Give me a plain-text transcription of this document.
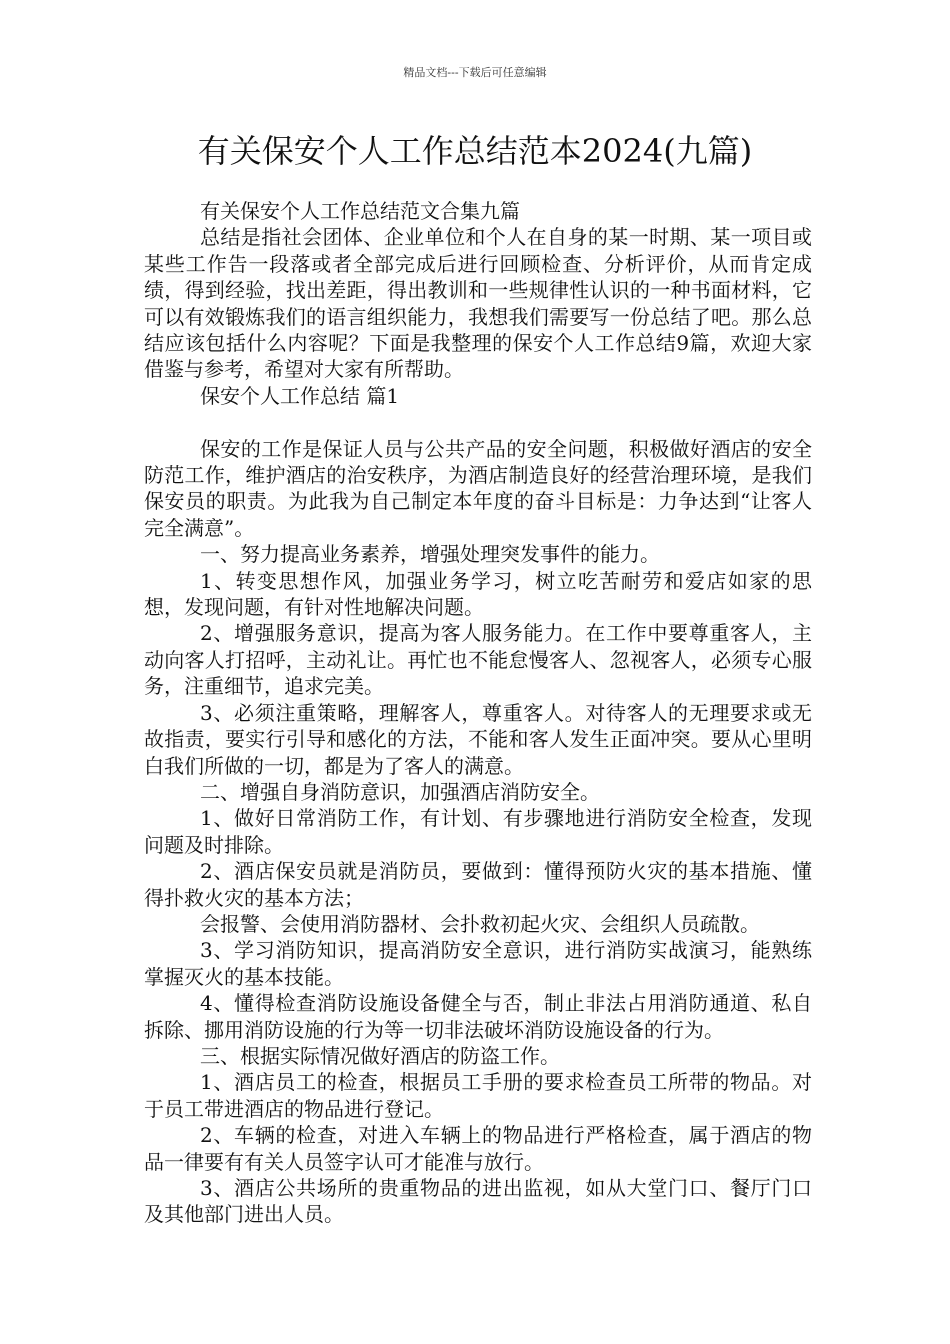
精品文档---下载后可任意编辑
有关保安个人工作总结范本2024(九篇)

有关保安个人工作总结范文合集九篇

总结是指社会团体、企业单位和个人在自身的某一时期、某一项目或某些工作告一段落或者全部完成后进行回顾检查、分析评价，从而肯定成绩，得到经验，找出差距，得出教训和一些规律性认识的一种书面材料，它可以有效锻炼我们的语言组织能力，我想我们需要写一份总结了吧。那么总结应该包括什么内容呢？下面是我整理的保安个人工作总结9篇，欢迎大家借鉴与参考，希望对大家有所帮助。

保安个人工作总结 篇1

保安的工作是保证人员与公共产品的安全问题，积极做好酒店的安全防范工作，维护酒店的治安秩序，为酒店制造良好的经营治理环境，是我们保安员的职责。为此我为自己制定本年度的奋斗目标是：力争达到“让客人完全满意”。

一、努力提高业务素养，增强处理突发事件的能力。

1、转变思想作风，加强业务学习，树立吃苦耐劳和爱店如家的思想，发现问题，有针对性地解决问题。

2、增强服务意识，提高为客人服务能力。在工作中要尊重客人，主动向客人打招呼，主动礼让。再忙也不能怠慢客人、忽视客人，必须专心服务，注重细节，追求完美。

3、必须注重策略，理解客人，尊重客人。对待客人的无理要求或无故指责，要实行引导和感化的方法，不能和客人发生正面冲突。要从心里明白我们所做的一切，都是为了客人的满意。

二、增强自身消防意识，加强酒店消防安全。

1、做好日常消防工作，有计划、有步骤地进行消防安全检查，发现问题及时排除。

2、酒店保安员就是消防员，要做到：懂得预防火灾的基本措施、懂得扑救火灾的基本方法；

会报警、会使用消防器材、会扑救初起火灾、会组织人员疏散。

3、学习消防知识，提高消防安全意识，进行消防实战演习，能熟练掌握灭火的基本技能。

4、懂得检查消防设施设备健全与否，制止非法占用消防通道、私自拆除、挪用消防设施的行为等一切非法破坏消防设施设备的行为。

三、根据实际情况做好酒店的防盗工作。

1、酒店员工的检查，根据员工手册的要求检查员工所带的物品。对于员工带进酒店的物品进行登记。

2、车辆的检查，对进入车辆上的物品进行严格检查，属于酒店的物品一律要有有关人员签字认可才能准与放行。

3、酒店公共场所的贵重物品的进出监视，如从大堂门口、餐厅门口及其他部门进出人员。
